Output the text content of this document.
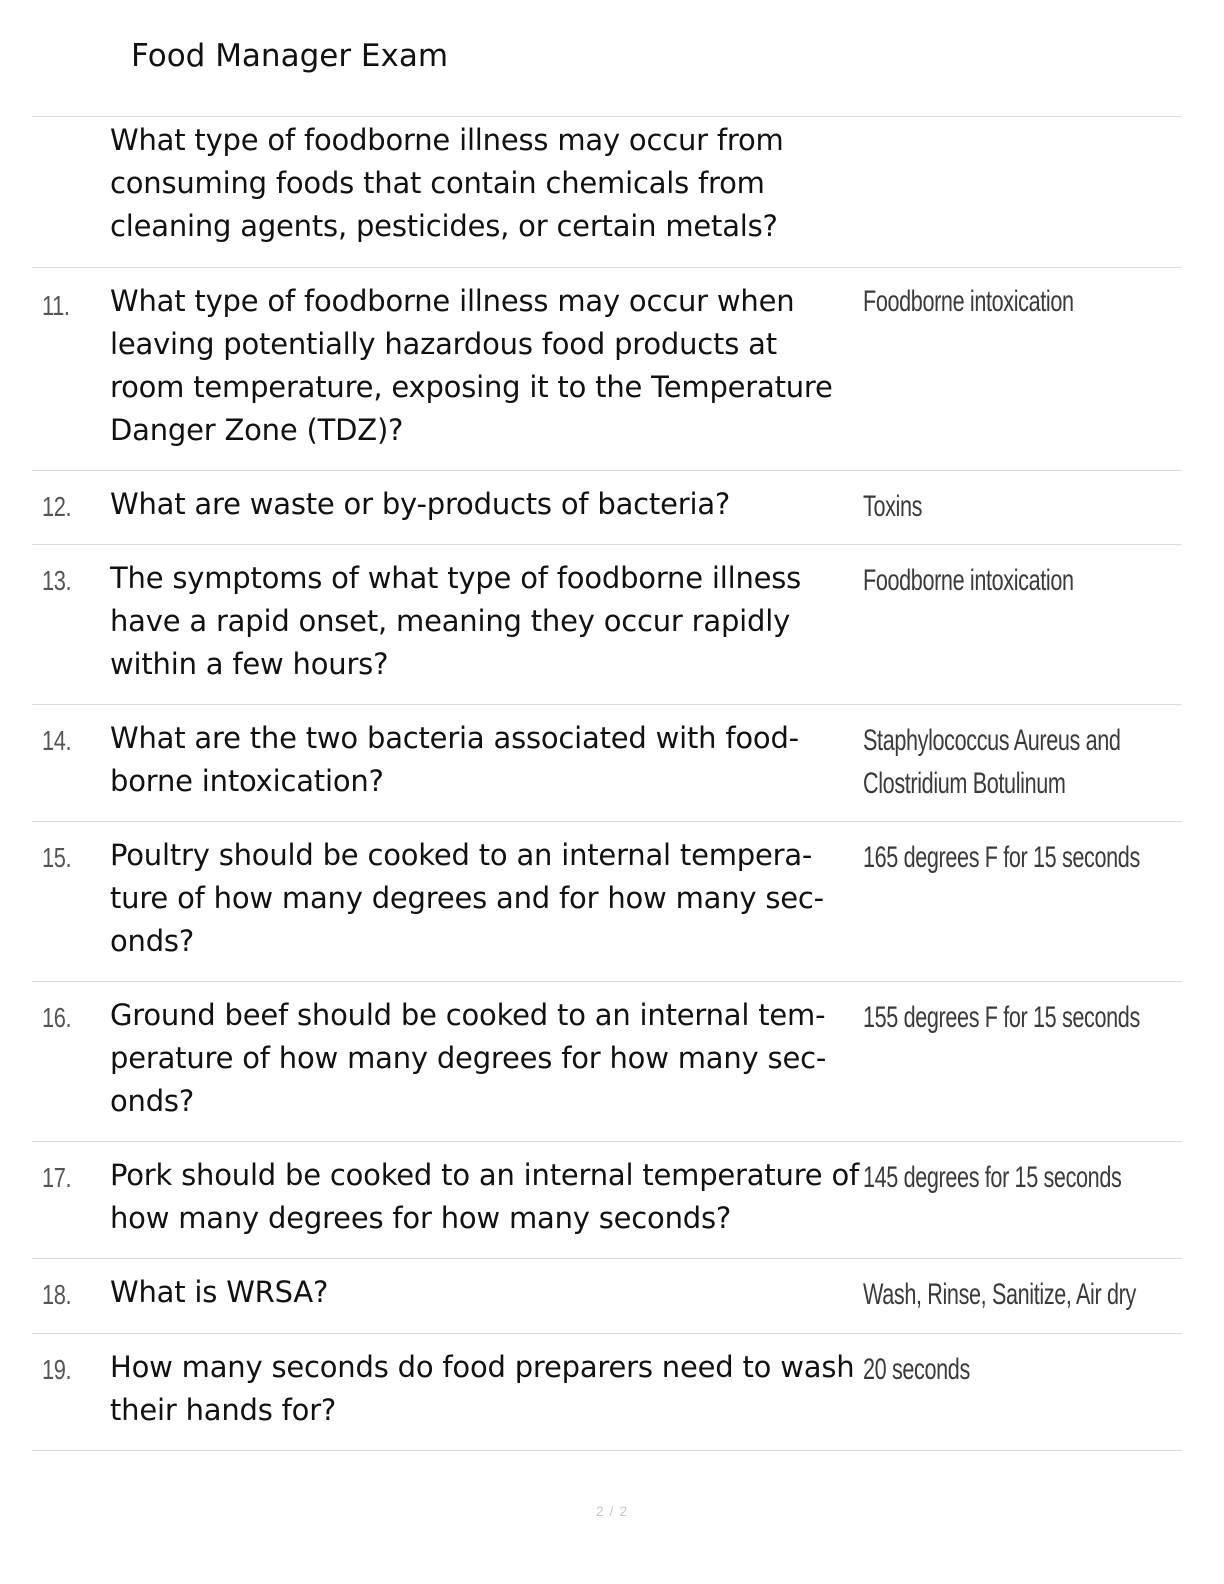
Food Manager Exam
What type of foodborne illness may occur from consuming foods that contain chemicals from cleaning agents, pesticides, or certain metals?
11. What type of foodborne illness may occur when leaving potentially hazardous food products at room temperature, exposing it to the Temperature Danger Zone (TDZ)?
Foodborne intoxication
12. What are waste or by-products of bacteria?	Toxins
13. The symptoms of what type of foodborne illness have a rapid onset, meaning they occur rapidly within a few hours?
Foodborne intoxication
14. What are the two bacteria associated with food-borne intoxication?
Staphylococcus Aureus and Clostridium Botulinum
15. Poultry should be cooked to an internal tempera-ture of how many degrees and for how many sec-onds?
165 degrees F for 15 seconds
16. Ground beef should be cooked to an internal tem-perature of how many degrees for how many sec-onds?
155 degrees F for 15 seconds
17. Pork should be cooked to an internal temperature of how many degrees for how many seconds?
145 degrees for 15 seconds
18. What is WRSA?	Wash, Rinse, Sanitize, Air dry
19. How many seconds do food preparers need to wash their hands for?
20 seconds
2 / 2
